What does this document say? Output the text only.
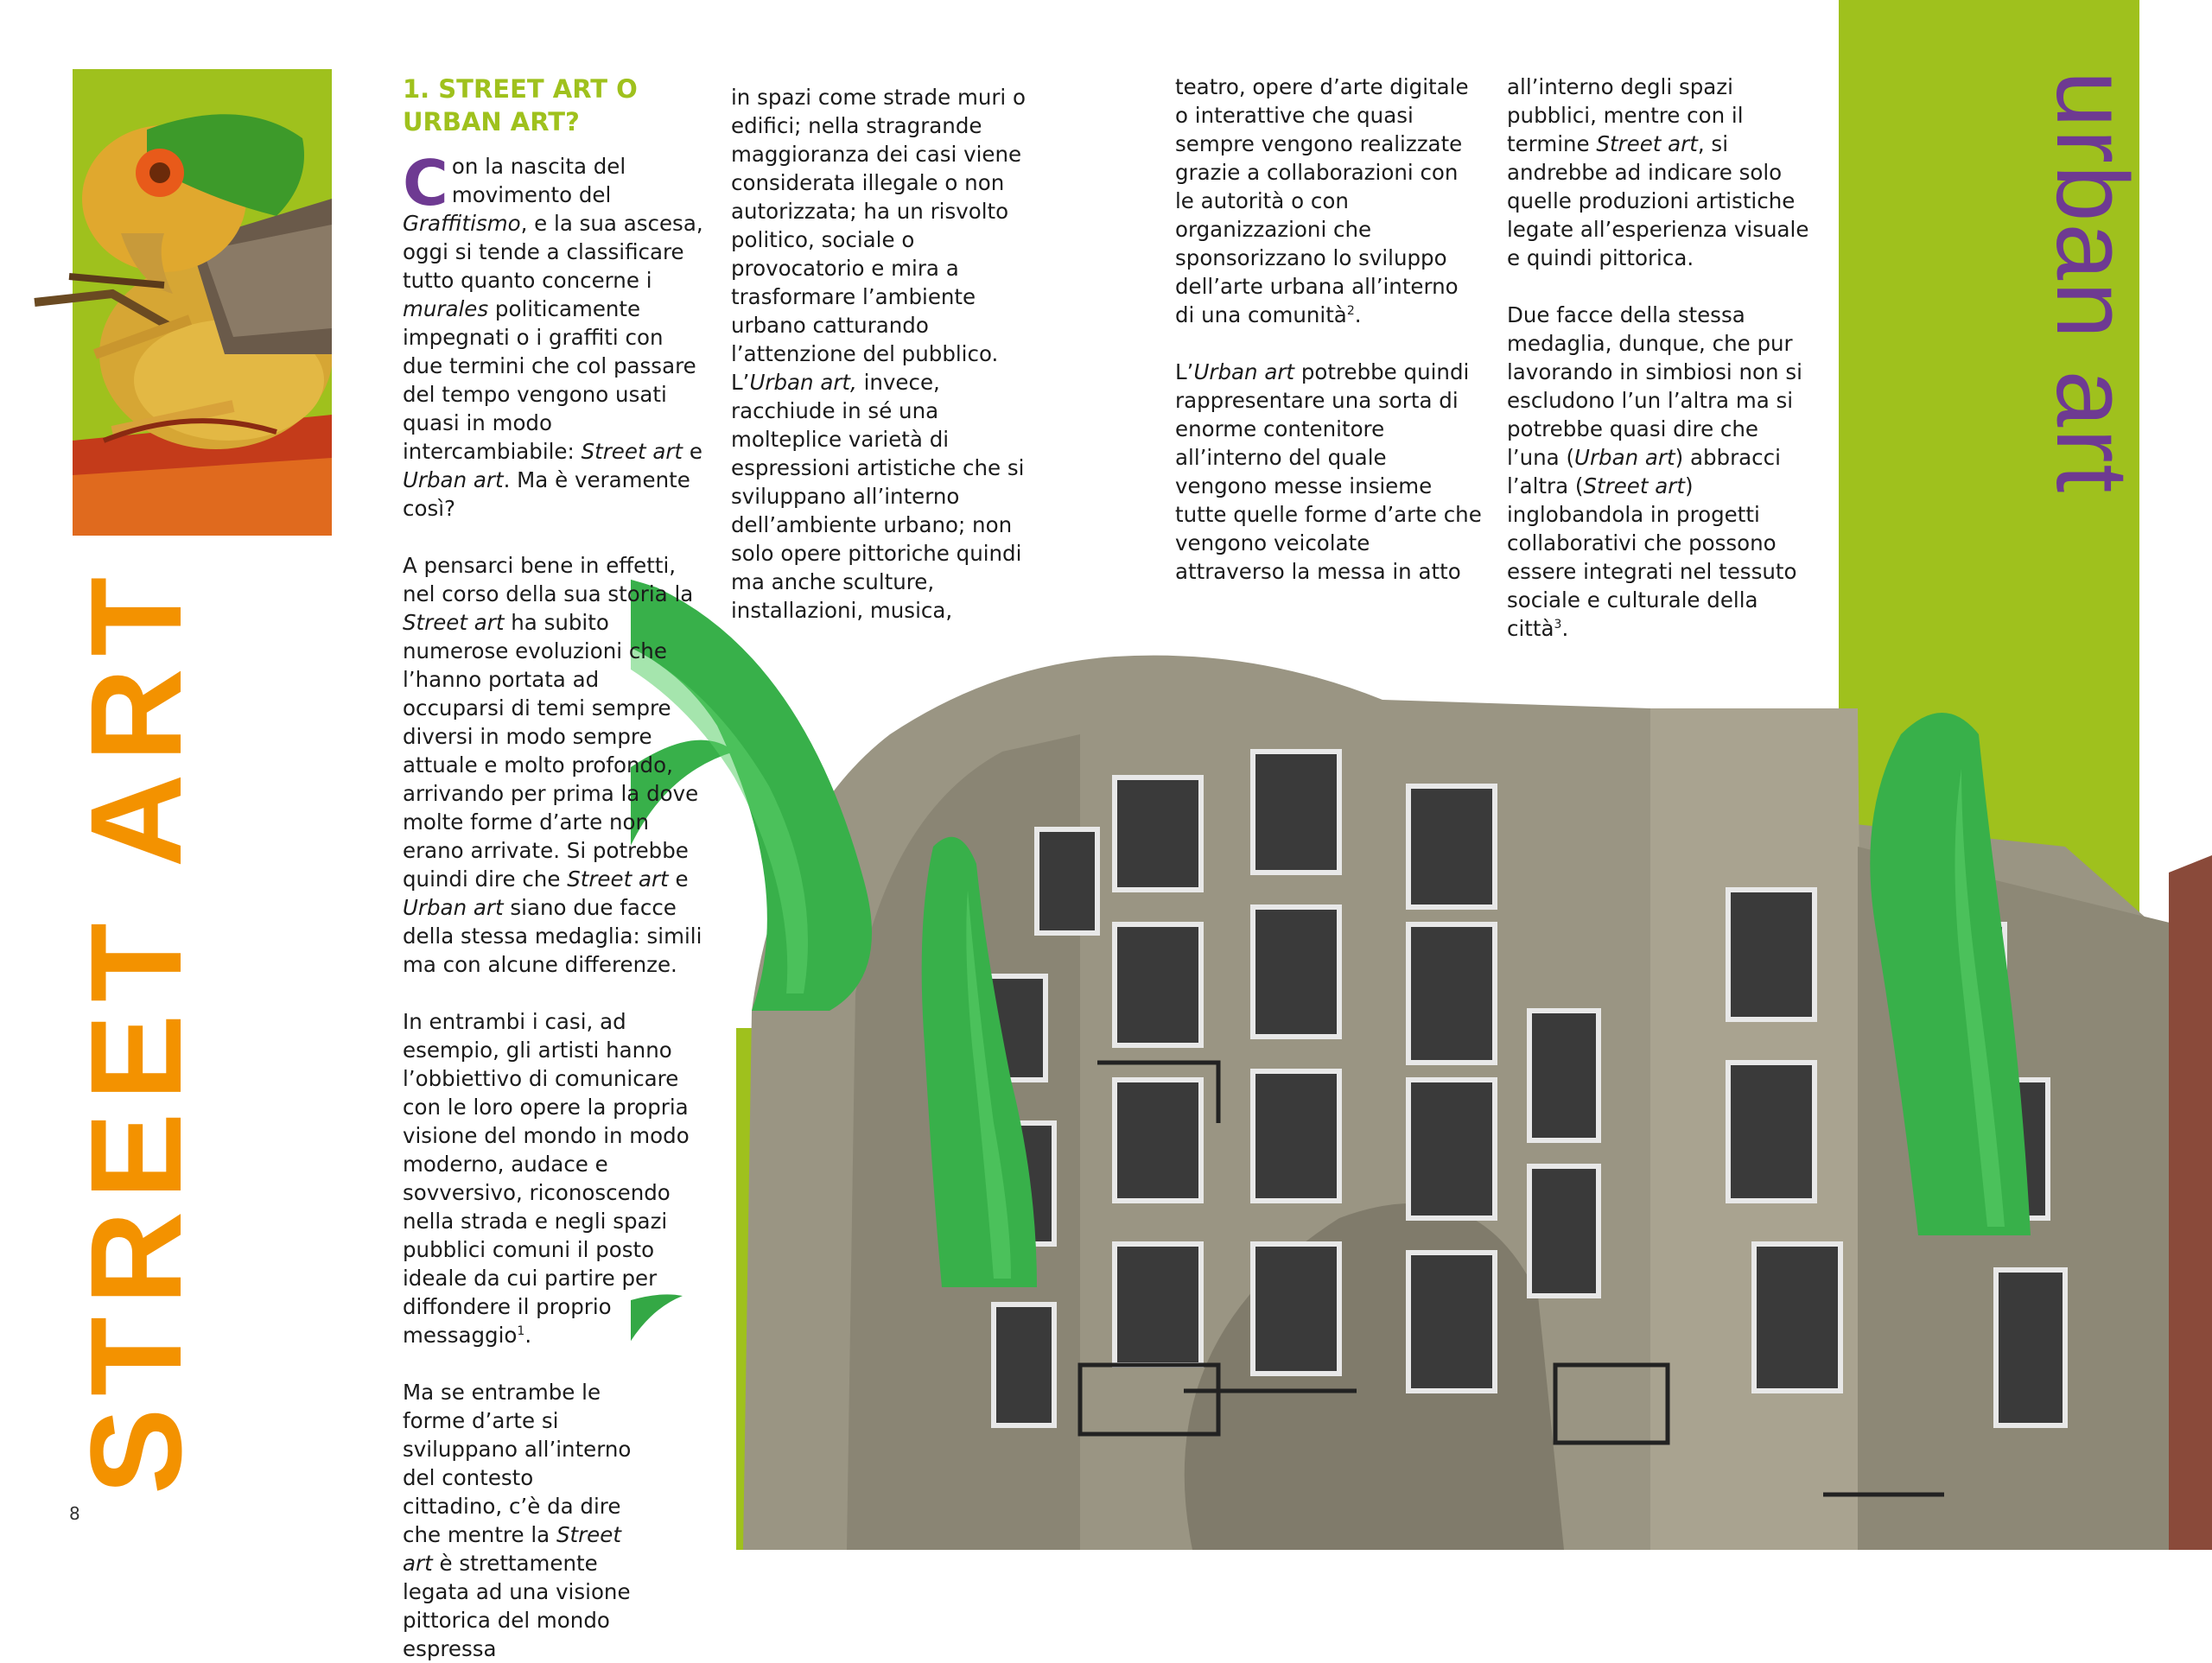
STREET ART
urban art
1. STREET ART O URBAN ART?

Con la nascita del movimento del Graffitismo, e la sua ascesa, oggi si tende a classificare tutto quanto concerne i murales politicamente impegnati o i graffiti con due termini che col passare del tempo vengono usati quasi in modo intercambiabile: Street art e Urban art. Ma è veramente così?

A pensarci bene in effetti, nel corso della sua storia la Street art ha subito numerose evoluzioni che l’hanno portata ad occuparsi di temi sempre diversi in modo sempre attuale e molto profondo, arrivando per prima la dove molte forme d’arte non erano arrivate. Si potrebbe quindi dire che Street art e Urban art siano due facce della stessa medaglia: simili ma con alcune differenze.

In entrambi i casi, ad esempio, gli artisti hanno l’obbiettivo di comunicare con le loro opere la propria visione del mondo in modo moderno, audace e sovversivo, riconoscendo nella strada e negli spazi pubblici comuni il posto ideale da cui partire per diffondere il proprio messaggio$^1$.

Ma se entrambe le forme d’arte si sviluppano all’interno del contesto cittadino, c’è da dire che mentre la Street art è strettamente legata ad una visione pittorica del mondo espressa

in spazi come strade muri o edifici; nella stragrande maggioranza dei casi viene considerata illegale o non autorizzata; ha un risvolto politico, sociale o provocatorio e mira a trasformare l’ambiente urbano catturando l’attenzione del pubblico. L’Urban art, invece, racchiude in sé una molteplice varietà di espressioni artistiche che si sviluppano all’interno dell’ambiente urbano; non solo opere pittoriche quindi ma anche sculture, installazioni, musica,

teatro, opere d’arte digitale o interattive che quasi sempre vengono realizzate grazie a collaborazioni con le autorità o con organizzazioni che sponsorizzano lo sviluppo dell’arte urbana all’interno di una comunità$^2$.

L’Urban art potrebbe quindi rappresentare una sorta di enorme contenitore all’interno del quale vengono messe insieme tutte quelle forme d’arte che vengono veicolate attraverso la messa in atto

all’interno degli spazi pubblici, mentre con il termine Street art, si andrebbe ad indicare solo quelle produzioni artistiche legate all’esperienza visuale e quindi pittorica.

Due facce della stessa medaglia, dunque, che pur lavorando in simbiosi non si escludono l’un l’altra ma si potrebbe quasi dire che l’una (Urban art) abbracci l’altra (Street art) inglobandola in progetti collaborativi che possono essere integrati nel tessuto sociale e culturale della città$^3$.

8
